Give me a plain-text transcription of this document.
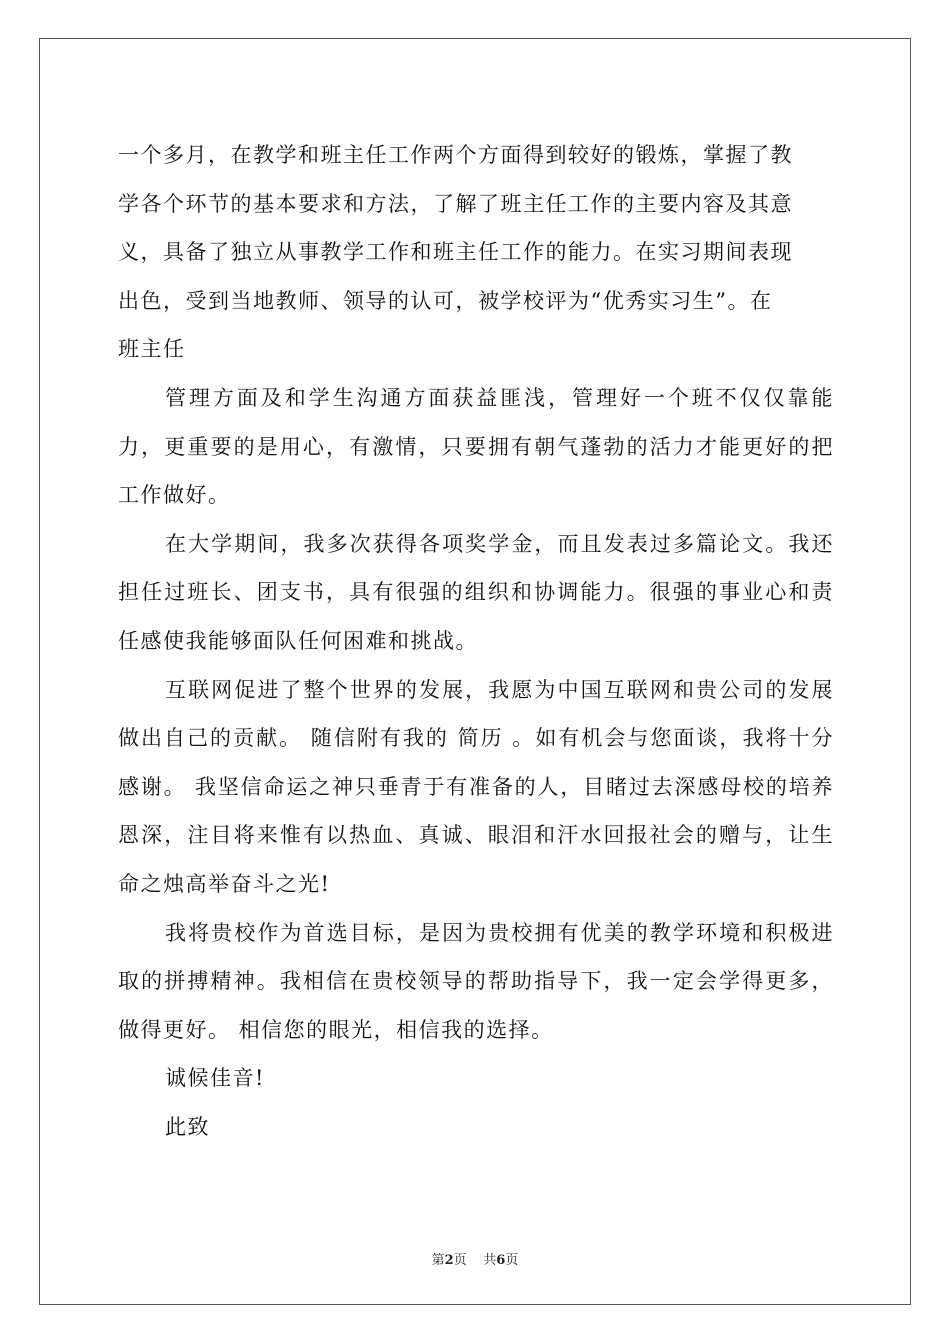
一个多月，在教学和班主任工作两个方面得到较好的锻炼，掌握了教
学各个环节的基本要求和方法，了解了班主任工作的主要内容及其意
义，具备了独立从事教学工作和班主任工作的能力。在实习期间表现
出色，受到当地教师、领导的认可，被学校评为“优秀实习生”。在
班主任

管理方面及和学生沟通方面获益匪浅，管理好一个班不仅仅靠能力，更重要的是用心，有激情，只要拥有朝气蓬勃的活力才能更好的把工作做好。

在大学期间，我多次获得各项奖学金，而且发表过多篇论文。我还担任过班长、团支书，具有很强的组织和协调能力。很强的事业心和责任感使我能够面队任何困难和挑战。

互联网促进了整个世界的发展，我愿为中国互联网和贵公司的发展做出自己的贡献。 随信附有我的 简历 。如有机会与您面谈，我将十分感谢。 我坚信命运之神只垂青于有准备的人，目睹过去深感母校的培养恩深，注目将来惟有以热血、真诚、眼泪和汗水回报社会的赠与，让生命之烛高举奋斗之光!

我将贵校作为首选目标，是因为贵校拥有优美的教学环境和积极进取的拼搏精神。我相信在贵校领导的帮助指导下，我一定会学得更多，做得更好。 相信您的眼光，相信我的选择。

诚候佳音!

此致

第2页 共6页
